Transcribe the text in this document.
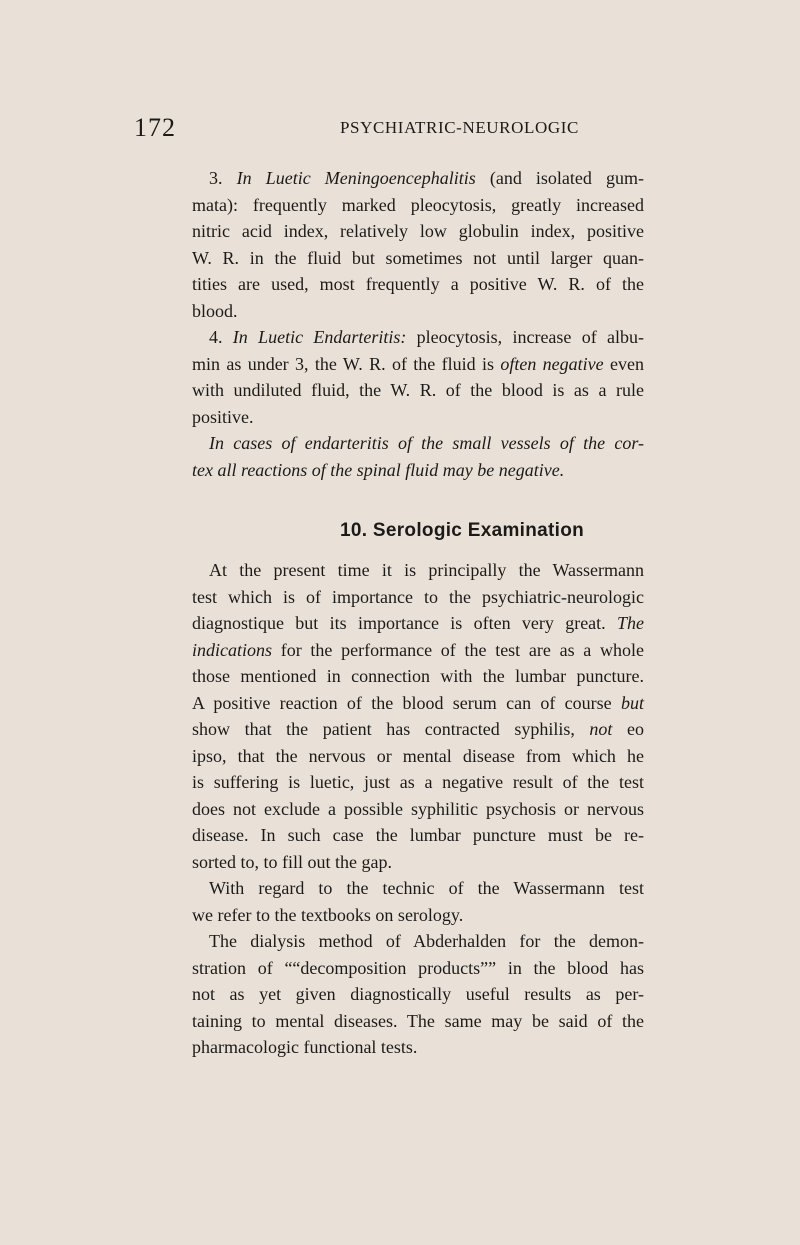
172	PSYCHIATRIC-NEUROLOGIC
3. In Luetic Meningoencephalitis (and isolated gum-
mata): frequently marked pleocytosis, greatly increased
nitric acid index, relatively low globulin index, positive
W. R. in the fluid but sometimes not until larger quan-
tities are used, most frequently a positive W. R. of the
blood.
4. In Luetic Endarteritis: pleocytosis, increase of albu-
min as under 3, the W. R. of the fluid is often negative even
with undiluted fluid, the W. R. of the blood is as a rule
positive.
In cases of endarteritis of the small vessels of the cor-
tex all reactions of the spinal fluid may be negative.
10. Serologic Examination
At the present time it is principally the Wassermann
test which is of importance to the psychiatric-neurologic
diagnostique but its importance is often very great. The
indications for the performance of the test are as a whole
those mentioned in connection with the lumbar puncture.
A positive reaction of the blood serum can of course but
show that the patient has contracted syphilis, not eo
ipso, that the nervous or mental disease from which he
is suffering is luetic, just as a negative result of the test
does not exclude a possible syphilitic psychosis or nervous
disease. In such case the lumbar puncture must be re-
sorted to, to fill out the gap.
With regard to the technic of the Wassermann test
we refer to the textbooks on serology.
The dialysis method of Abderhalden for the demon-
stration of ““decomposition products”” in the blood has
not as yet given diagnostically useful results as per-
taining to mental diseases. The same may be said of the
pharmacologic functional tests.
